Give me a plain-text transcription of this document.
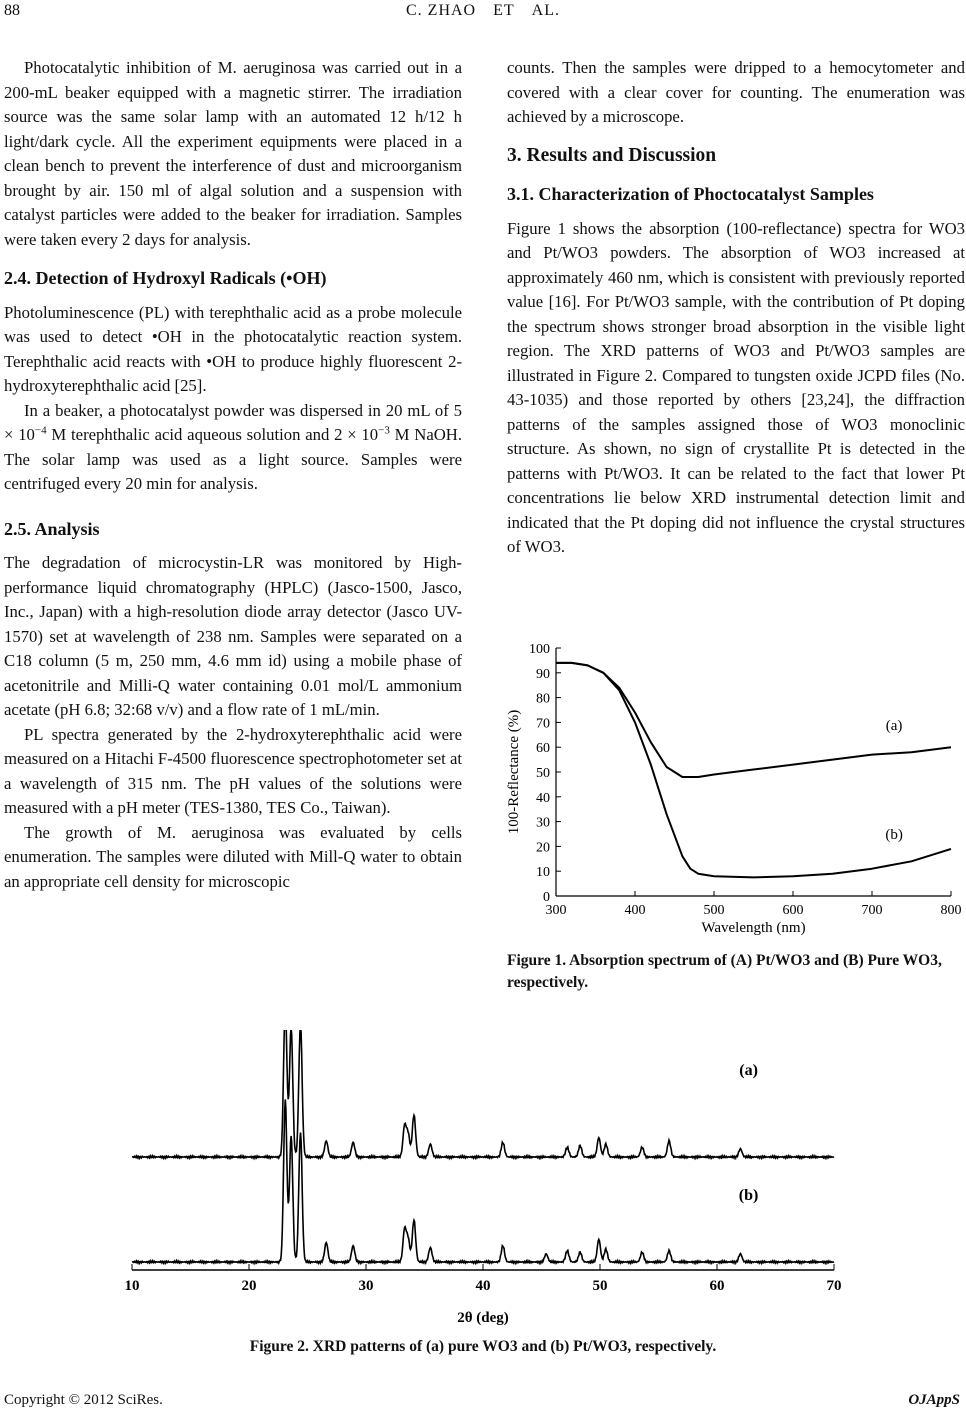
88	C. ZHAO ET AL.

Photocatalytic inhibition of M. aeruginosa was carried out in a 200-mL beaker equipped with a magnetic stirrer. The irradiation source was the same solar lamp with an automated 12 h/12 h light/dark cycle. All the experiment equipments were placed in a clean bench to prevent the interference of dust and microorganism brought by air. 150 ml of algal solution and a suspension with catalyst particles were added to the beaker for irradiation. Samples were taken every 2 days for analysis.

2.4. Detection of Hydroxyl Radicals (•OH)

Photoluminescence (PL) with terephthalic acid as a probe molecule was used to detect •OH in the photocatalytic reaction system. Terephthalic acid reacts with •OH to produce highly fluorescent 2-hydroxyterephthalic acid [25].

In a beaker, a photocatalyst powder was dispersed in 20 mL of $5 \times 10^{-4}$ M terephthalic acid aqueous solution and $2 \times 10^{-3}$ M NaOH. The solar lamp was used as a light source. Samples were centrifuged every 20 min for analysis.

2.5. Analysis

The degradation of microcystin-LR was monitored by High-performance liquid chromatography (HPLC) (Jasco-1500, Jasco, Inc., Japan) with a high-resolution diode array detector (Jasco UV-1570) set at wavelength of 238 nm. Samples were separated on a C18 column (5 m, 250 mm, 4.6 mm id) using a mobile phase of acetonitrile and Milli-Q water containing 0.01 mol/L ammonium acetate (pH 6.8; 32:68 v/v) and a flow rate of 1 mL/min.

PL spectra generated by the 2-hydroxyterephthalic acid were measured on a Hitachi F-4500 fluorescence spectrophotometer set at a wavelength of 315 nm. The pH values of the solutions were measured with a pH meter (TES-1380, TES Co., Taiwan).

The growth of M. aeruginosa was evaluated by cells enumeration. The samples were diluted with Mill-Q water to obtain an appropriate cell density for microscopic

counts. Then the samples were dripped to a hemocytometer and covered with a clear cover for counting. The enumeration was achieved by a microscope.

3. Results and Discussion
3.1. Characterization of Phoctocatalyst Samples

Figure 1 shows the absorption (100-reflectance) spectra for WO3 and Pt/WO3 powders. The absorption of WO3 increased at approximately 460 nm, which is consistent with previously reported value [16]. For Pt/WO3 sample, with the contribution of Pt doping the spectrum shows stronger broad absorption in the visible light region. The XRD patterns of WO3 and Pt/WO3 samples are illustrated in Figure 2. Compared to tungsten oxide JCPD files (No. 43-1035) and those reported by others [23,24], the diffraction patterns of the samples assigned those of WO3 monoclinic structure. As shown, no sign of crystallite Pt is detected in the patterns with Pt/WO3. It can be related to the fact that lower Pt concentrations lie below XRD instrumental detection limit and indicated that the Pt doping did not influence the crystal structures of WO3.

0
10
20
30
40
50
60
70
80
90
100
300	400	500	600	700	800
Wavelength (nm)
100-Reflectance (%)	(a)
(b)
Figure 1. Absorption spectrum of (A) Pt/WO3 and (B) Pure WO3, respectively.
10	20	30	40	50	60	70
2θ (deg)
(a)
(b)
Figure 2. XRD patterns of (a) pure WO3 and (b) Pt/WO3, respectively.
Copyright © 2012 SciRes.	OJAppS
